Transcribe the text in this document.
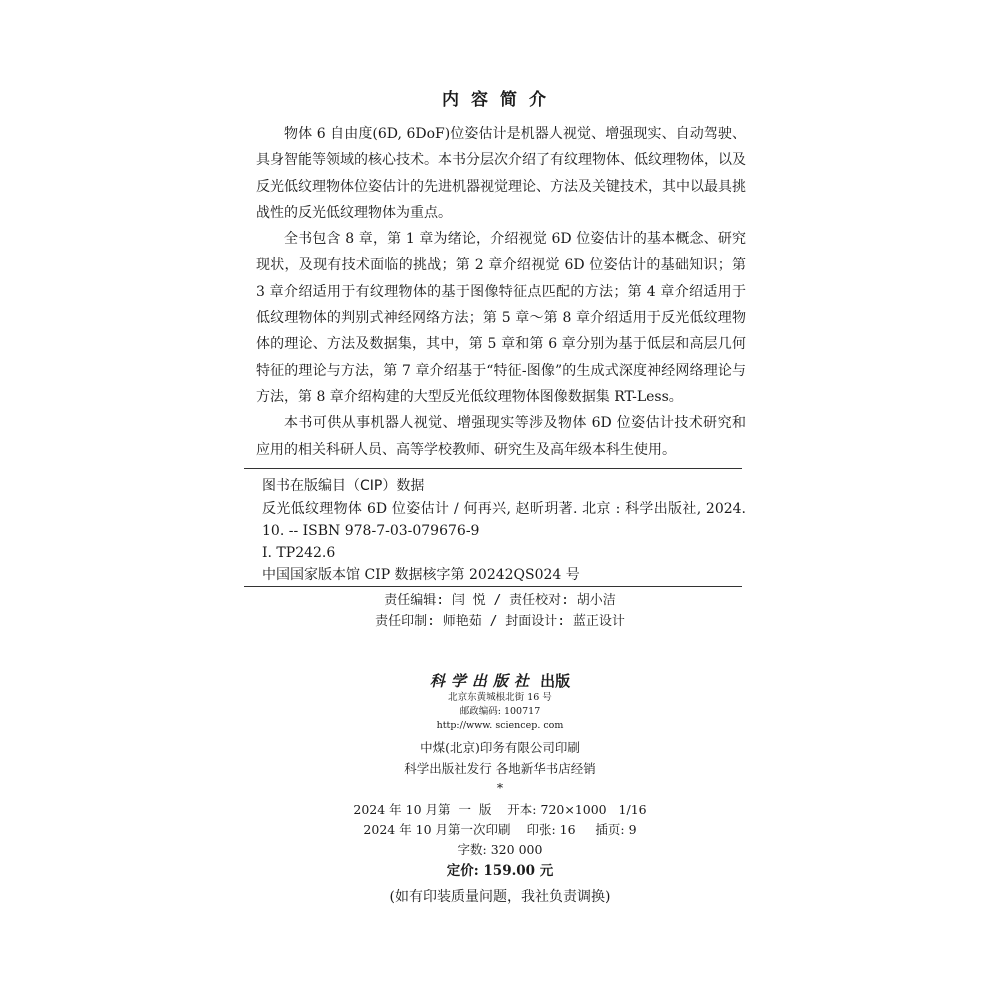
内容简介

物体 6 自由度(6D, 6DoF)位姿估计是机器人视觉、增强现实、自动驾驶、具身智能等领域的核心技术。本书分层次介绍了有纹理物体、低纹理物体，以及反光低纹理物体位姿估计的先进机器视觉理论、方法及关键技术，其中以最具挑战性的反光低纹理物体为重点。

全书包含 8 章，第 1 章为绪论，介绍视觉 6D 位姿估计的基本概念、研究现状，及现有技术面临的挑战；第 2 章介绍视觉 6D 位姿估计的基础知识；第 3 章介绍适用于有纹理物体的基于图像特征点匹配的方法；第 4 章介绍适用于低纹理物体的判别式神经网络方法；第 5 章～第 8 章介绍适用于反光低纹理物体的理论、方法及数据集，其中，第 5 章和第 6 章分别为基于低层和高层几何特征的理论与方法，第 7 章介绍基于“特征-图像”的生成式深度神经网络理论与方法，第 8 章介绍构建的大型反光低纹理物体图像数据集 RT-Less。

本书可供从事机器人视觉、增强现实等涉及物体 6D 位姿估计技术研究和应用的相关科研人员、高等学校教师、研究生及高年级本科生使用。

图书在版编目（CIP）数据
反光低纹理物体 6D 位姿估计 / 何再兴, 赵昕玥著. 北京 : 科学出版社, 2024. 10. -- ISBN 978-7-03-079676-9
Ⅰ. TP242.6
中国国家版本馆 CIP 数据核字第 20242QS024 号
责任编辑: 闫 悦 / 责任校对: 胡小洁
责任印制: 师艳茹 / 封面设计: 蓝正设计
科学出版社 出版
北京东黄城根北街 16 号
邮政编码: 100717
http://www. sciencep. com
中煤(北京)印务有限公司印刷
科学出版社发行 各地新华书店经销
*
2024 年 10 月第  一  版    开本: 720×1000   1/16
2024 年 10 月第一次印刷    印张: 16     插页: 9
字数: 320 000
定价: 159.00 元
(如有印装质量问题，我社负责调换)
